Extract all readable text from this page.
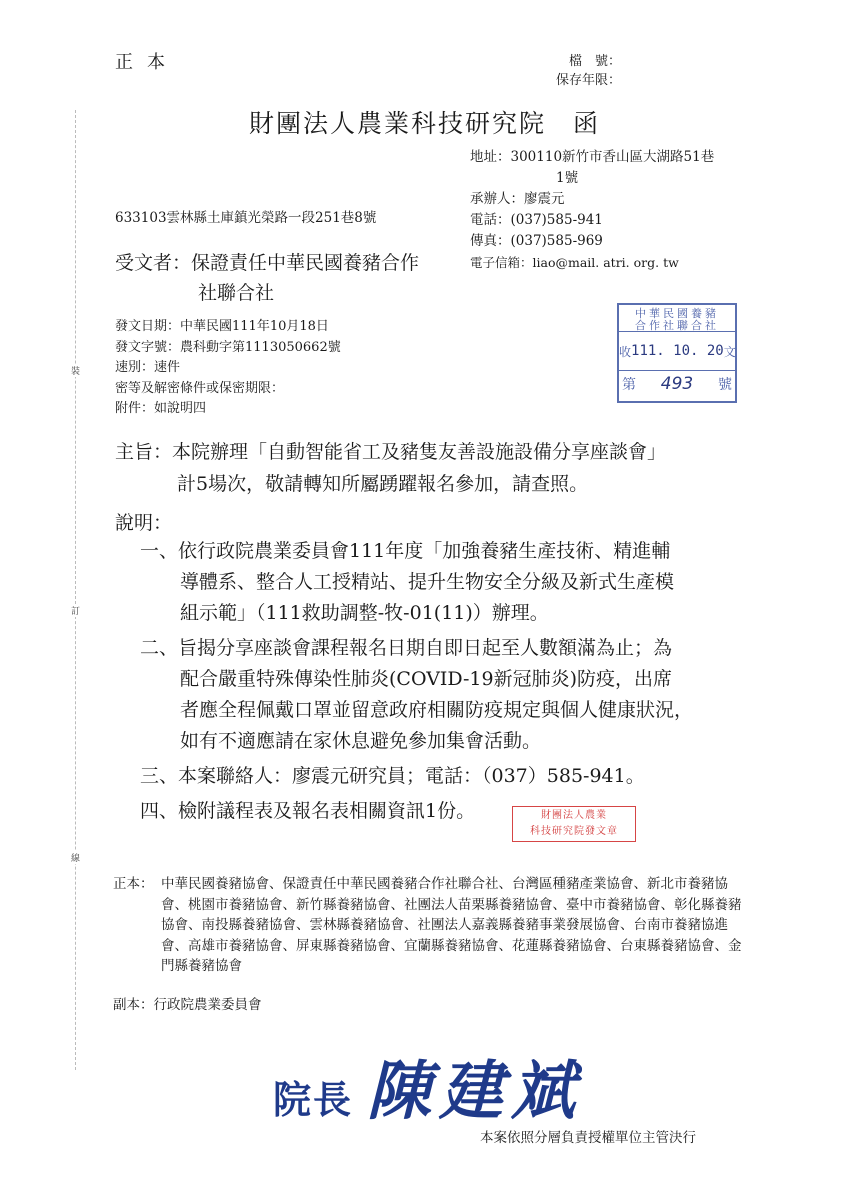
裝
訂
線
正本	檔　號：
保存年限：
財團法人農業科技研究院　函
地址：300110新竹市香山區大湖路51巷
1號
承辦人：廖震元
電話：(037)585-941
傳真：(037)585-969
電子信箱：liao@mail. atri. org. tw
633103雲林縣土庫鎮光榮路一段251巷8號
受文者：保證責任中華民國養豬合作
社聯合社
發文日期：中華民國111年10月18日
發文字號：農科動字第1113050662號
速別：速件
密等及解密條件或保密期限：
附件：如說明四
中華民國養豬
合作社聯合社
收 111. 10. 20 文
第	493	號
主旨：本院辦理「自動智能省工及豬隻友善設施設備分享座談會」
計5場次，敬請轉知所屬踴躍報名參加，請查照。
說明：
一、依行政院農業委員會111年度「加強養豬生產技術、精進輔
導體系、整合人工授精站、提升生物安全分級及新式生產模
組示範」（111救助調整-牧-01(11)）辦理。
二、旨揭分享座談會課程報名日期自即日起至人數額滿為止；為
配合嚴重特殊傳染性肺炎(COVID-19新冠肺炎)防疫，出席
者應全程佩戴口罩並留意政府相關防疫規定與個人健康狀況，
如有不適應請在家休息避免參加集會活動。
三、本案聯絡人：廖震元研究員；電話：（037）585-941。
四、檢附議程表及報名表相關資訊1份。	財團法人農業
科技研究院發文章
正本： 中華民國養豬協會、保證責任中華民國養豬合作社聯合社、台灣區種豬產業協會、新北市養豬協會、桃園市養豬協會、新竹縣養豬協會、社團法人苗栗縣養豬協會、臺中市養豬協會、彰化縣養豬協會、南投縣養豬協會、雲林縣養豬協會、社團法人嘉義縣養豬事業發展協會、台南市養豬協進會、高雄市養豬協會、屏東縣養豬協會、宜蘭縣養豬協會、花蓮縣養豬協會、台東縣養豬協會、金門縣養豬協會
副本：行政院農業委員會
院長 陳建斌
本案依照分層負責授權單位主管決行
